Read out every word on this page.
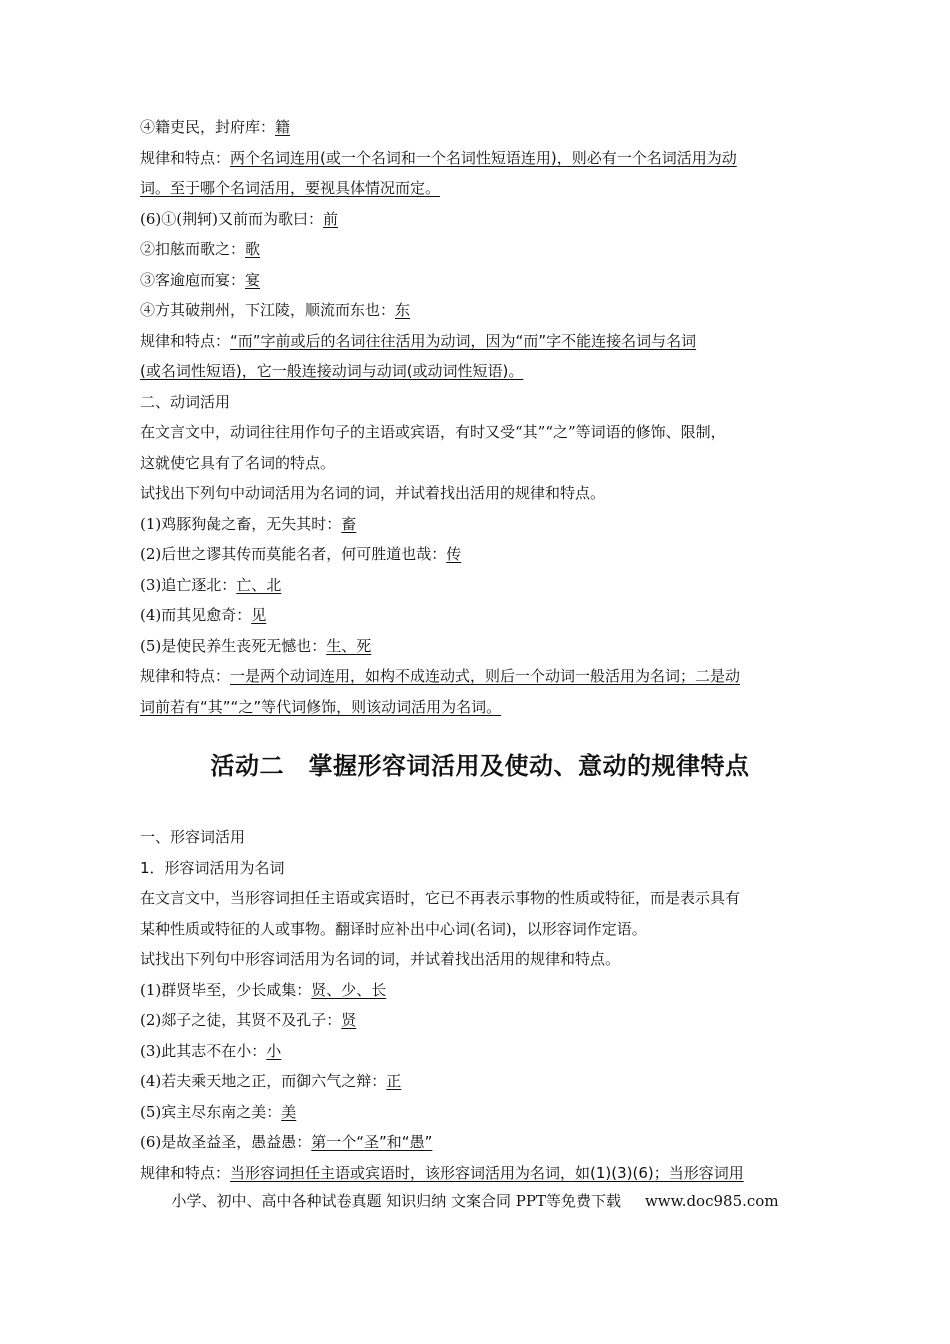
④籍吏民，封府库：籍
规律和特点：两个名词连用(或一个名词和一个名词性短语连用)，则必有一个名词活用为动
词。至于哪个名词活用，要视具体情况而定。
(6)①(荆轲)又前而为歌曰：前
②扣舷而歌之：歌
③客逾庖而宴：宴
④方其破荆州，下江陵，顺流而东也：东
规律和特点：“而”字前或后的名词往往活用为动词，因为“而”字不能连接名词与名词
(或名词性短语)，它一般连接动词与动词(或动词性短语)。
二、动词活用
在文言文中，动词往往用作句子的主语或宾语，有时又受“其”“之”等词语的修饰、限制，
这就使它具有了名词的特点。
试找出下列句中动词活用为名词的词，并试着找出活用的规律和特点。
(1)鸡豚狗彘之畜，无失其时：畜
(2)后世之谬其传而莫能名者，何可胜道也哉：传
(3)追亡逐北：亡、北
(4)而其见愈奇：见
(5)是使民养生丧死无憾也：生、死
规律和特点：一是两个动词连用，如构不成连动式，则后一个动词一般活用为名词；二是动
词前若有“其”“之”等代词修饰，则该动词活用为名词。
活动二　掌握形容词活用及使动、意动的规律特点
一、形容词活用
1．形容词活用为名词
在文言文中，当形容词担任主语或宾语时，它已不再表示事物的性质或特征，而是表示具有
某种性质或特征的人或事物。翻译时应补出中心词(名词)，以形容词作定语。
试找出下列句中形容词活用为名词的词，并试着找出活用的规律和特点。
(1)群贤毕至，少长咸集：贤、少、长
(2)郯子之徒，其贤不及孔子：贤
(3)此其志不在小：小
(4)若夫乘天地之正，而御六气之辩：正
(5)宾主尽东南之美：美
(6)是故圣益圣，愚益愚：第一个“圣”和“愚”
规律和特点：当形容词担任主语或宾语时，该形容词活用为名词，如(1)(3)(6)；当形容词用
小学、初中、高中各种试卷真题 知识归纳 文案合同 PPT等免费下载 www.doc985.com
